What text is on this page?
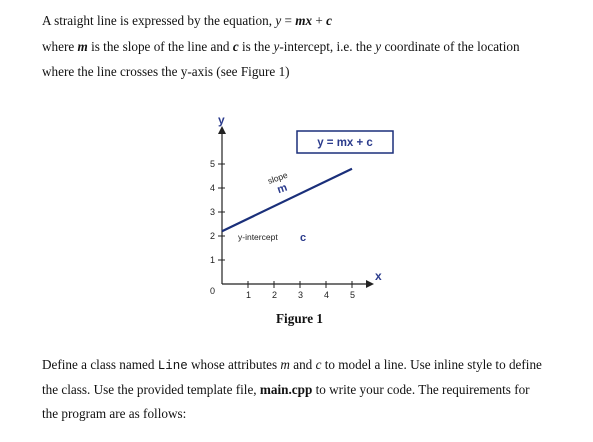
A straight line is expressed by the equation, y = mx + c
where m is the slope of the line and c is the y-intercept, i.e. the y coordinate of the location
where the line crosses the y-axis (see Figure 1)
y
x
0
1
2
3
4
5
1 2 3 4 5
y = mx + c
slope
m
y-intercept c
Figure 1
Define a class named Line whose attributes m and c to model a line. Use inline style to define
the class. Use the provided template file, main.cpp to write your code. The requirements for
the program are as follows:
